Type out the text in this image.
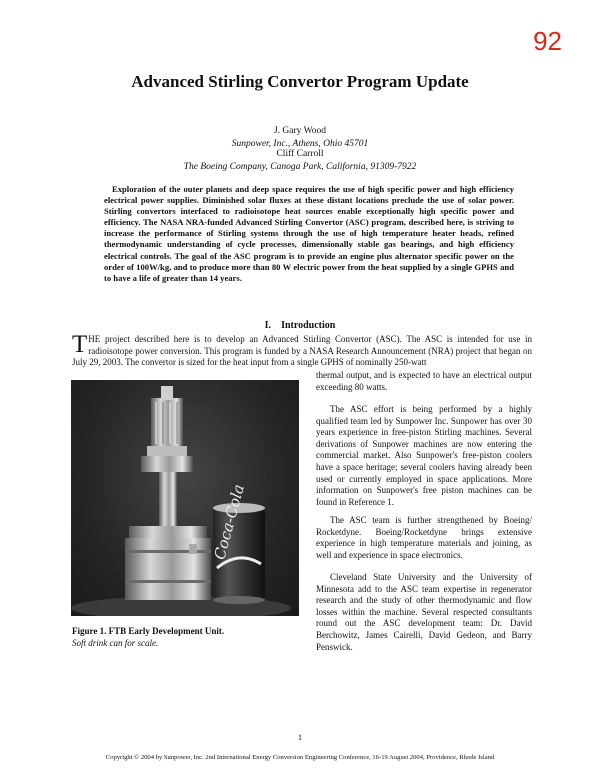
92
Advanced Stirling Convertor Program Update
J. Gary Wood
Sunpower, Inc., Athens, Ohio 45701
Cliff Carroll
The Boeing Company, Canoga Park, California, 91309-7922
Exploration of the outer planets and deep space requires the use of high specific power and high efficiency electrical power supplies. Diminished solar fluxes at these distant locations preclude the use of solar power. Stirling convertors interfaced to radioisotope heat sources enable exceptionally high specific power and efficiency. The NASA NRA-funded Advanced Stirling Convertor (ASC) program, described here, is striving to increase the performance of Stirling systems through the use of high temperature heater heads, refined thermodynamic understanding of cycle processes, dimensionally stable gas bearings, and high efficiency electrical controls. The goal of the ASC program is to provide an engine plus alternator specific power on the order of 100W/kg, and to produce more than 80 W electric power from the heat supplied by a single GPHS and to have a life of greater than 14 years.
I. Introduction
THE project described here is to develop an Advanced Stirling Convertor (ASC). The ASC is intended for use in radioisotope power conversion. This program is funded by a NASA Research Announcement (NRA) project that began on July 29, 2003. The convertor is sized for the heat input from a single GPHS of nominally 250-watt

thermal output, and is expected to have an electrical output exceeding 80 watts.

The ASC effort is being performed by a highly qualified team led by Sunpower Inc. Sunpower has over 30 years experience in free-piston Stirling machines. Several derivations of Sunpower machines are now entering the commercial market. Also Sunpower's free-piston coolers have a space heritage; several coolers having already been used or currently employed in space applications. More information on Sunpower's free piston machines can be found in Reference 1.

The ASC team is further strengthened by Boeing/ Rocketdyne. Boeing/Rocketdyne brings extensive experience in high temperature materials and joining, as well and experience in space electronics.

Cleveland State University and the University of Minnesota add to the ASC team expertise in regenerator research and the study of other thermodynamic and flow losses within the machine. Several respected consultants round out the ASC development team: Dr. David Berchowitz, James Cairelli, David Gedeon, and Barry Penswick.

Coca-Cola
Figure 1. FTB Early Development Unit.
Soft drink can for scale.
1
Copyright © 2004 by Sunpower, Inc. 2nd International Energy Conversion Engineering Conference, 16-19 August 2004, Providence, Rhode Island
